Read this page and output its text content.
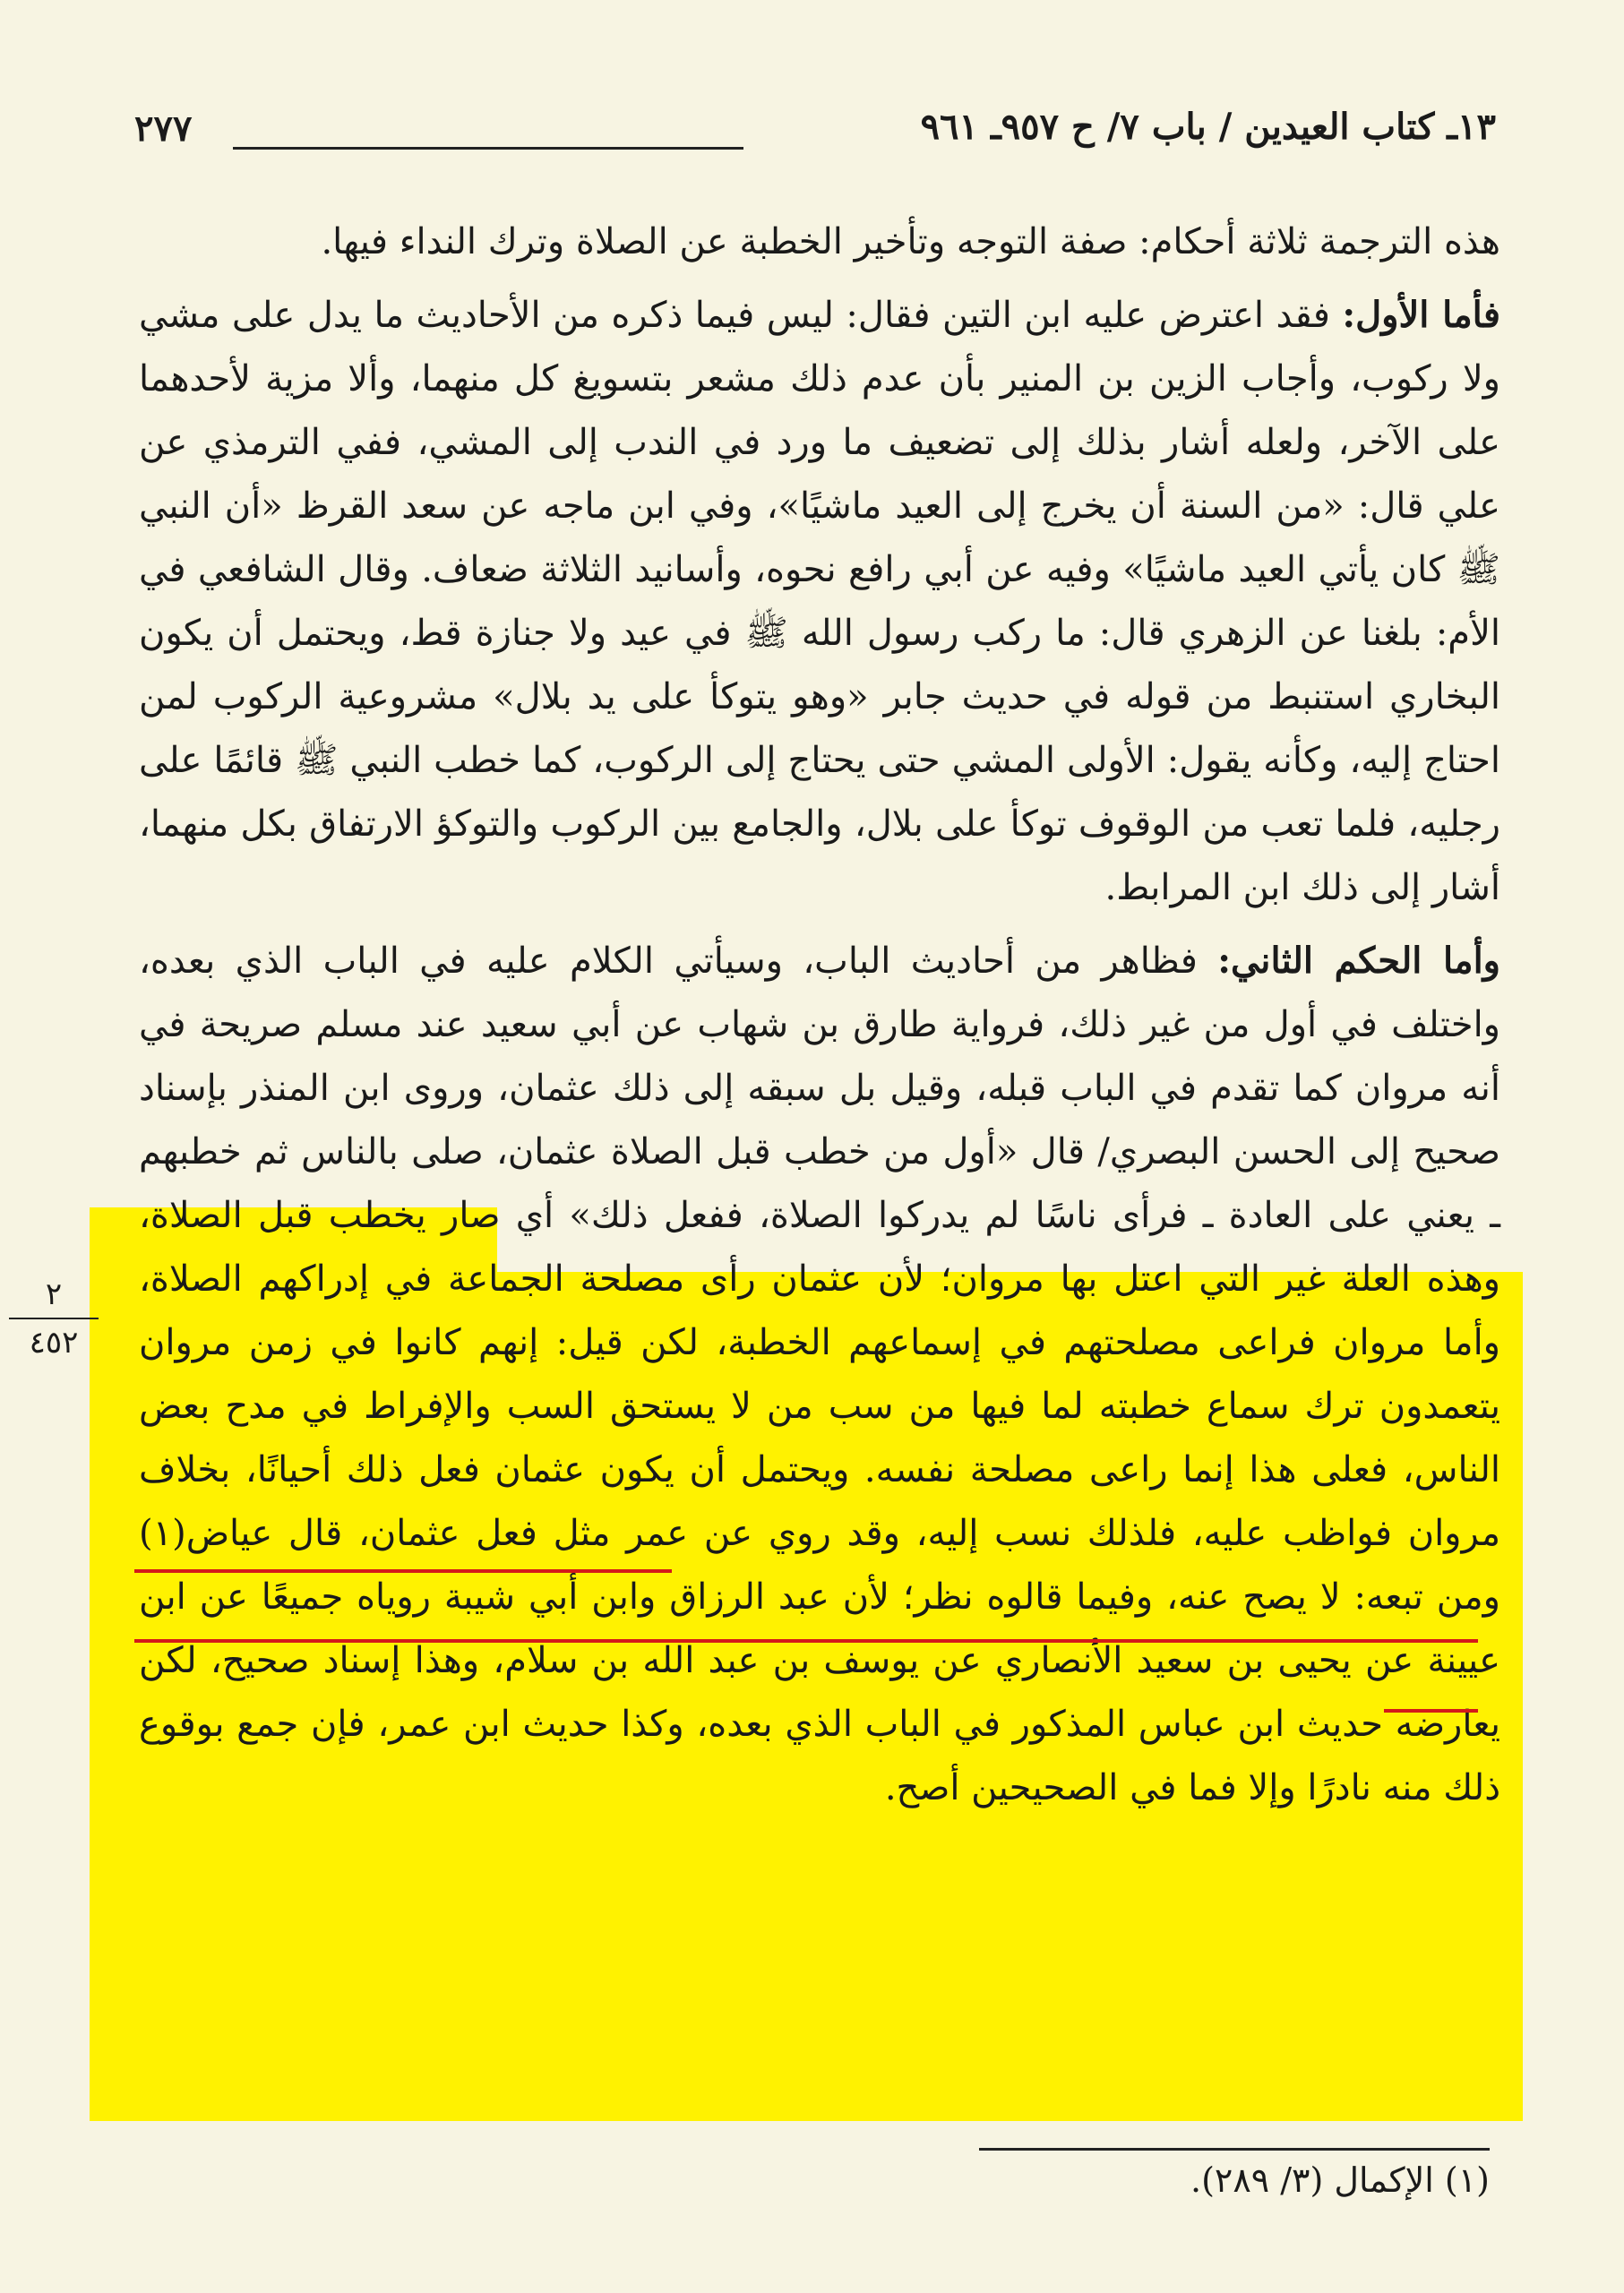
١٣ـ كتاب العيدين / باب ٧/ ح ٩٥٧ـ ٩٦١
٢٧٧

هذه الترجمة ثلاثة أحكام: صفة التوجه وتأخير الخطبة عن الصلاة وترك النداء فيها.

فأما الأول: فقد اعترض عليه ابن التين فقال: ليس فيما ذكره من الأحاديث ما يدل على مشي ولا ركوب، وأجاب الزين بن المنير بأن عدم ذلك مشعر بتسويغ كل منهما، وألا مزية لأحدهما على الآخر، ولعله أشار بذلك إلى تضعيف ما ورد في الندب إلى المشي، ففي الترمذي عن علي قال: «من السنة أن يخرج إلى العيد ماشيًا»، وفي ابن ماجه عن سعد القرظ «أن النبي ﷺ كان يأتي العيد ماشيًا» وفيه عن أبي رافع نحوه، وأسانيد الثلاثة ضعاف. وقال الشافعي في الأم: بلغنا عن الزهري قال: ما ركب رسول الله ﷺ في عيد ولا جنازة قط، ويحتمل أن يكون البخاري استنبط من قوله في حديث جابر «وهو يتوكأ على يد بلال» مشروعية الركوب لمن احتاج إليه، وكأنه يقول: الأولى المشي حتى يحتاج إلى الركوب، كما خطب النبي ﷺ قائمًا على رجليه، فلما تعب من الوقوف توكأ على بلال، والجامع بين الركوب والتوكؤ الارتفاق بكل منهما، أشار إلى ذلك ابن المرابط.

وأما الحكم الثاني: فظاهر من أحاديث الباب، وسيأتي الكلام عليه في الباب الذي بعده، واختلف في أول من غير ذلك، فرواية طارق بن شهاب عن أبي سعيد عند مسلم صريحة في أنه مروان كما تقدم في الباب قبله، وقيل بل سبقه إلى ذلك عثمان، وروى ابن المنذر بإسناد صحيح إلى الحسن البصري/ قال «أول من خطب قبل الصلاة عثمان، صلى بالناس ثم خطبهم ـ يعني على العادة ـ فرأى ناسًا لم يدركوا الصلاة، ففعل ذلك» أي صار يخطب قبل الصلاة، وهذه العلة غير التي اعتل بها مروان؛ لأن عثمان رأى مصلحة الجماعة في إدراكهم الصلاة، وأما مروان فراعى مصلحتهم في إسماعهم الخطبة، لكن قيل: إنهم كانوا في زمن مروان يتعمدون ترك سماع خطبته لما فيها من سب من لا يستحق السب والإفراط في مدح بعض الناس، فعلى هذا إنما راعى مصلحة نفسه. ويحتمل أن يكون عثمان فعل ذلك أحيانًا، بخلاف مروان فواظب عليه، فلذلك نسب إليه، وقد روي عن عمر مثل فعل عثمان، قال عياض(١) ومن تبعه: لا يصح عنه، وفيما قالوه نظر؛ لأن عبد الرزاق وابن أبي شيبة روياه جميعًا عن ابن عيينة عن يحيى بن سعيد الأنصاري عن يوسف بن عبد الله بن سلام، وهذا إسناد صحيح، لكن يعارضه حديث ابن عباس المذكور في الباب الذي بعده، وكذا حديث ابن عمر، فإن جمع بوقوع ذلك منه نادرًا وإلا فما في الصحيحين أصح.

٢
٤٥٢
(١) الإكمال (٣/ ٢٨٩).
